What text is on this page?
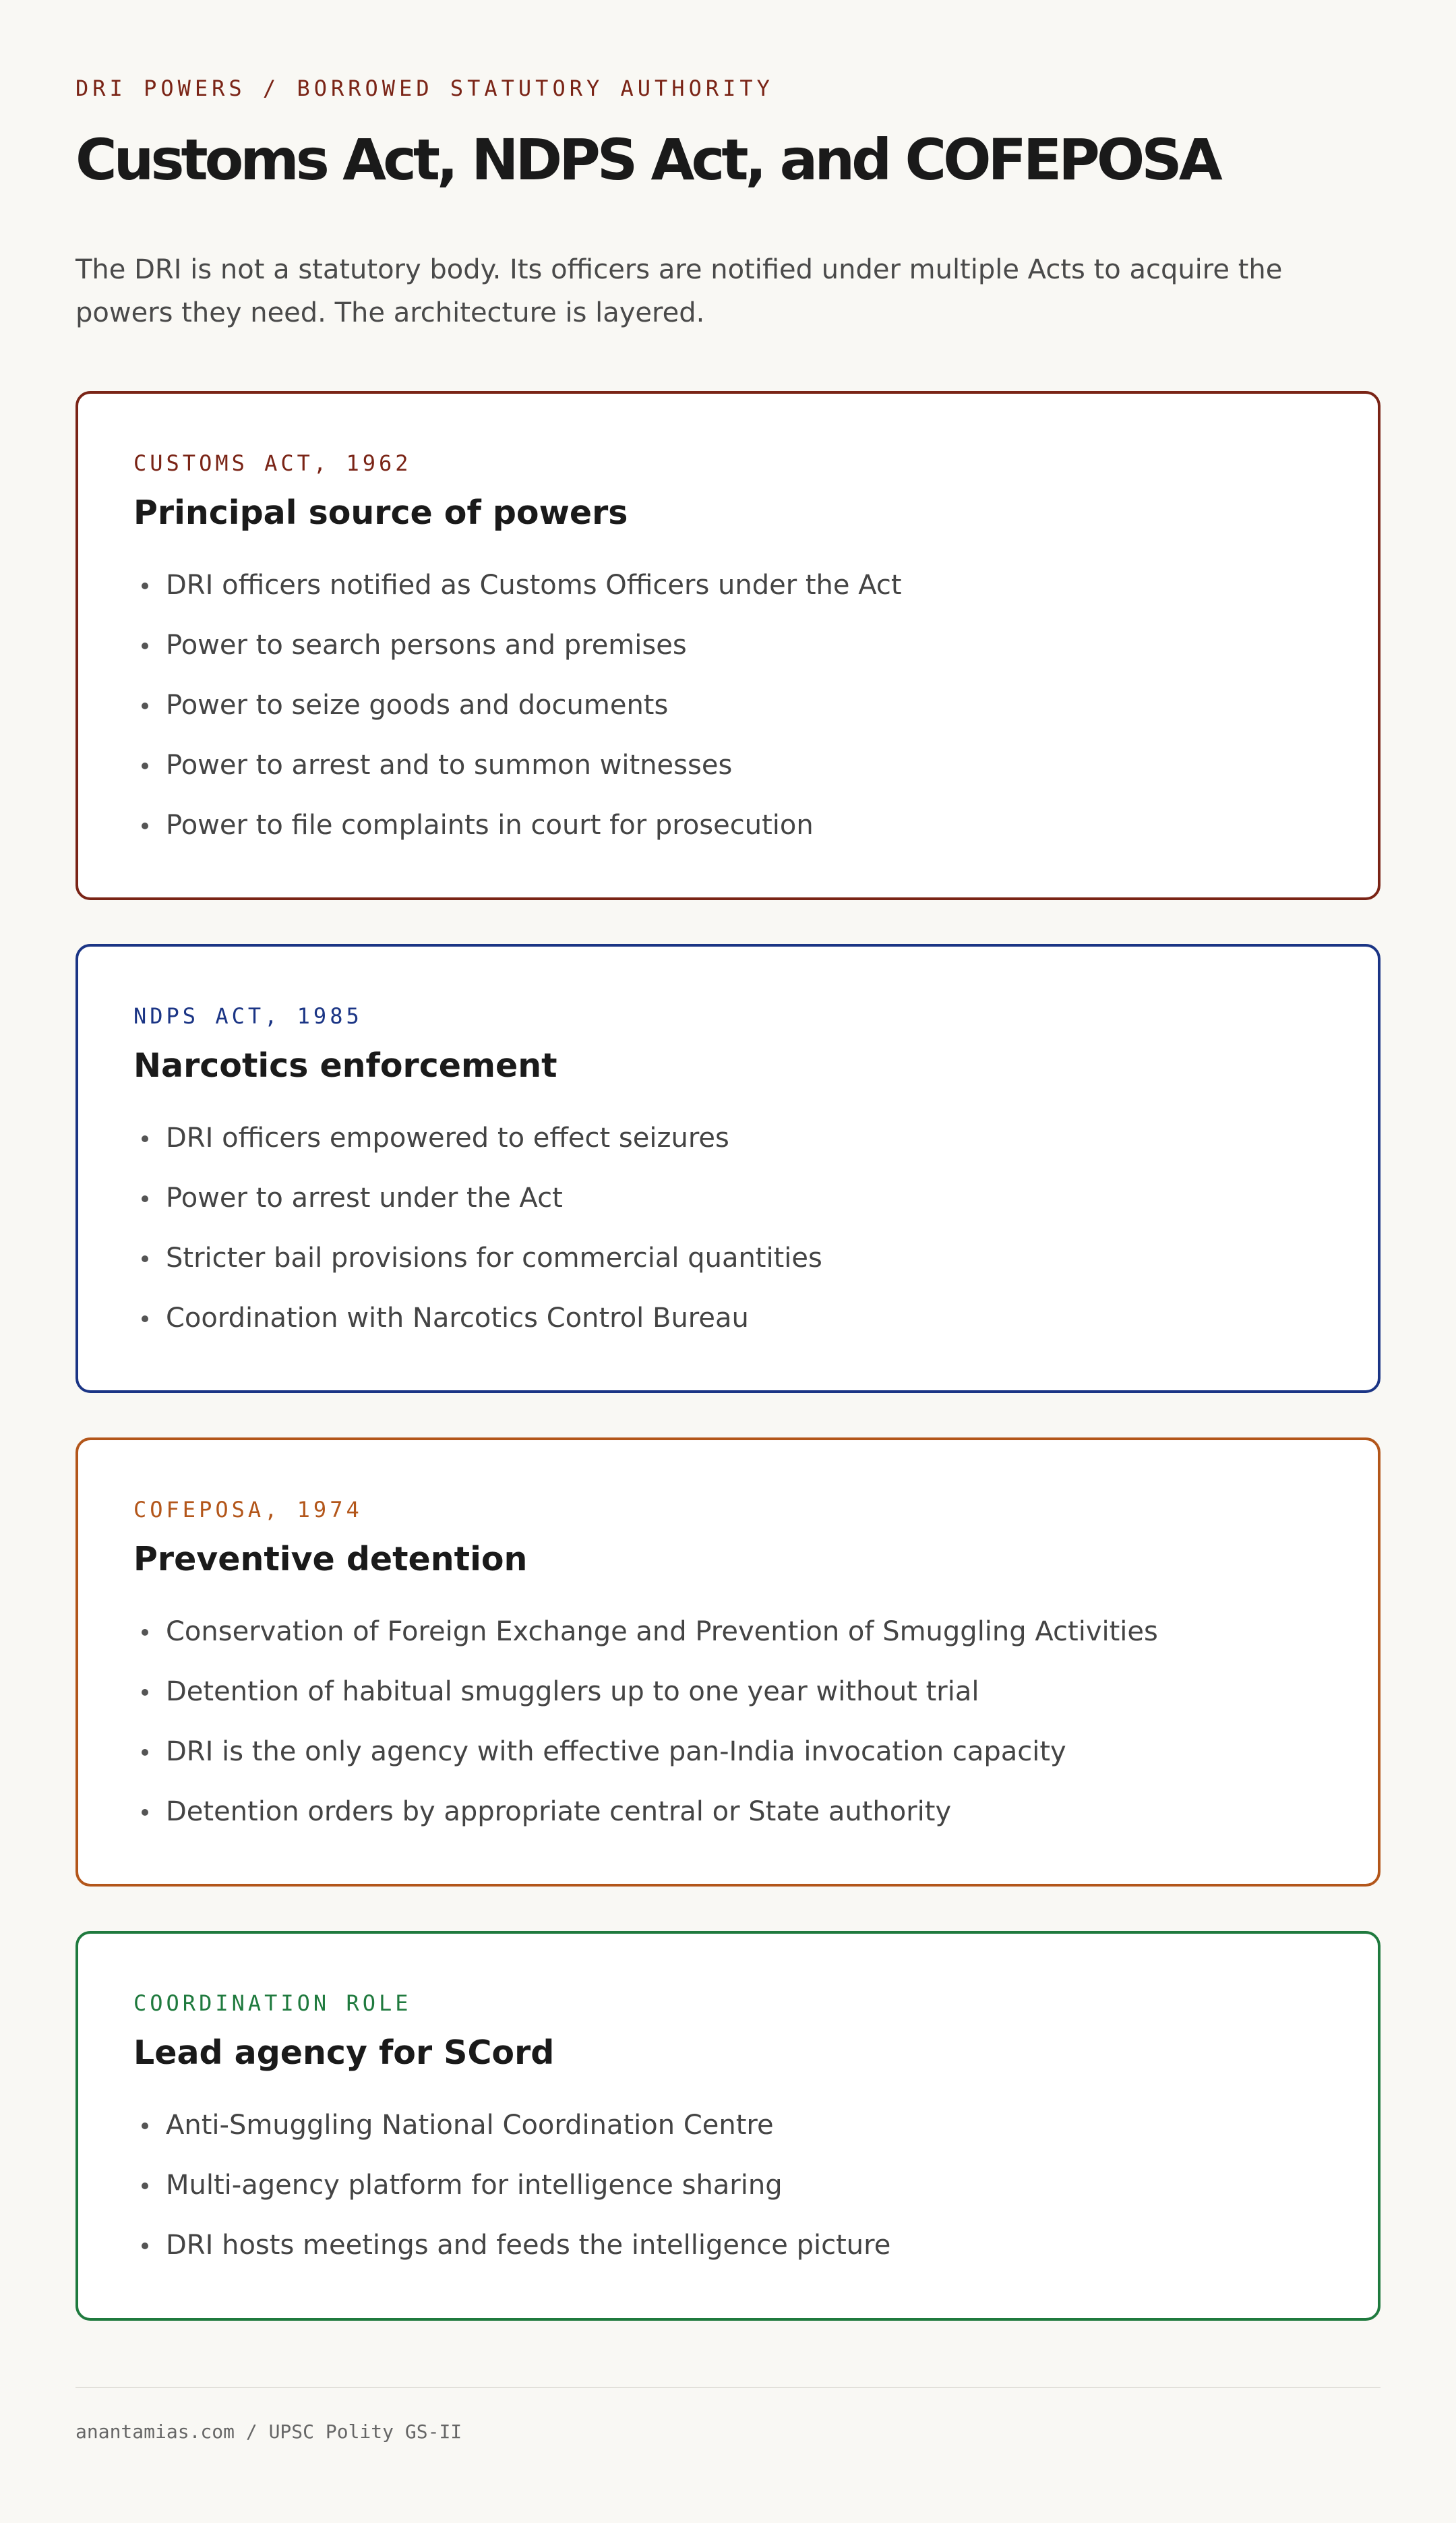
DRI POWERS / BORROWED STATUTORY AUTHORITY
Customs Act, NDPS Act, and COFEPOSA

The DRI is not a statutory body. Its officers are notified under multiple Acts to acquire the powers they need. The architecture is layered.

CUSTOMS ACT, 1962
Principal source of powers
DRI officers notified as Customs Officers under the Act
Power to search persons and premises
Power to seize goods and documents
Power to arrest and to summon witnesses
Power to file complaints in court for prosecution
NDPS ACT, 1985
Narcotics enforcement
DRI officers empowered to effect seizures
Power to arrest under the Act
Stricter bail provisions for commercial quantities
Coordination with Narcotics Control Bureau
COFEPOSA, 1974
Preventive detention
Conservation of Foreign Exchange and Prevention of Smuggling Activities
Detention of habitual smugglers up to one year without trial
DRI is the only agency with effective pan-India invocation capacity
Detention orders by appropriate central or State authority
COORDINATION ROLE
Lead agency for SCord
Anti-Smuggling National Coordination Centre
Multi-agency platform for intelligence sharing
DRI hosts meetings and feeds the intelligence picture
anantamias.com / UPSC Polity GS-II
